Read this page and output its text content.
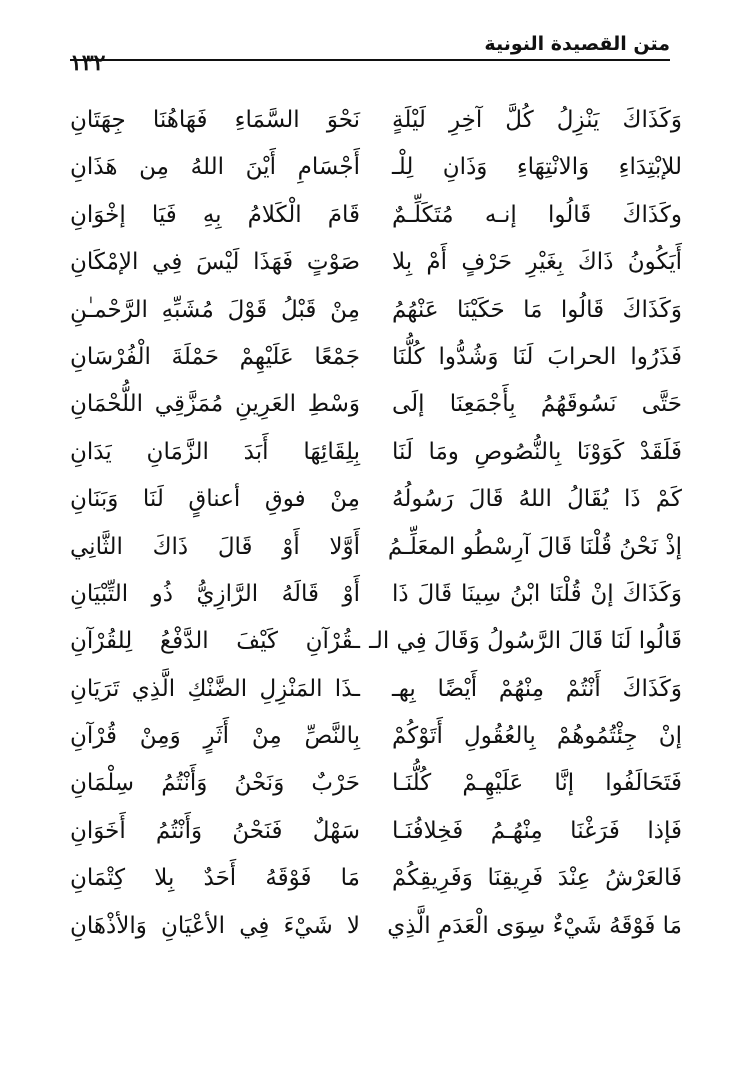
متن القصيدة النونية
١٣٢
وَكَذَاكَ يَنْزِلُ كُلَّ آخِرِ لَيْلَةٍ
نَحْوَ السَّمَاءِ فَهَاهُنَا جِهَتَانِ
للإبْتِدَاءِ وَالانْتِهَاءِ وَذَانِ لِلْـ
أَجْسَامِ أَيْنَ اللهُ مِن هَذَانِ
وكَذَاكَ قَالُوا إنـه مُتَكَلِّـمٌ
قَامَ الْكَلامُ بِهِ فَيَا إخْوَانِ
أَيَكُونُ ذَاكَ بِغَيْرِ حَرْفٍ أَمْ بِلا
صَوْتٍ فَهَذَا لَيْسَ فِي الإمْكَانِ
وَكَذَاكَ قَالُوا مَا حَكَيْنَا عَنْهُمُ
مِنْ قَبْلُ قَوْلَ مُشَبِّهِ الرَّحْمـٰنِ
فَذَرُوا الحرابَ لَنَا وَشُدُّوا كُلُّنَا
جَمْعًا عَلَيْهِمْ حَمْلَةَ الْفُرْسَانِ
حَتَّى نَسُوقَهُمُ بِأَجْمَعِنَا إلَى
وَسْطِ العَرِينِ مُمَزَّقِي اللُّحْمَانِ
فَلَقَدْ كَوَوْنَا بِالنُّصُوصِ ومَا لَنَا
بِلِقَائِهَا أَبَدَ الزَّمَانِ يَدَانِ
كَمْ ذَا يُقَالُ اللهُ قَالَ رَسُولُهُ
مِنْ فوقِ أعناقٍ لَنَا وَبَنَانِ
إذْ نَحْنُ قُلْنَا قَالَ آرِسْطُو المعَلِّـمُ
أَوَّلا أَوْ قَالَ ذَاكَ الثَّانِي
وَكَذَاكَ إنْ قُلْنَا ابْنُ سِينَا قَالَ ذَا
أَوْ قَالَهُ الرَّازِيُّ ذُو التِّبْيَانِ
قَالُوا لَنَا قَالَ الرَّسُولُ وَقَالَ فِي الـ
ـقُرْآنِ كَيْفَ الدَّفْعُ لِلقُرْآنِ
وَكَذَاكَ أَنْتُمْ مِنْهُمْ أَيْضًا بِهـ
ـذَا المَنْزِلِ الضَّنْكِ الَّذِي تَرَيَانِ
إنْ جِئْتُمُوهُمْ بِالعُقُولِ أَتَوْكُمْ
بِالنَّصِّ مِنْ أَثَرٍ وَمِنْ قُرْآنِ
فَتَحَالَفُوا إنَّا عَلَيْهِـمْ كُلُّنَـا
حَرْبٌ وَنَحْنُ وَأَنْتُمُ سِلْمَانِ
فَإذا فَرَغْنَا مِنْهُـمُ فَخِلافُنَـا
سَهْلٌ فَنَحْنُ وَأَنْتُمُ أَخَوَانِ
فَالعَرْشُ عِنْدَ فَرِيقِنَا وَفَرِيقِكُمْ
مَا فَوْقَهُ أَحَدٌ بِلا كِتْمَانِ
مَا فَوْقَهُ شَيْءٌ سِوَى الْعَدَمِ الَّذِي
لا شَيْءَ فِي الأعْيَانِ وَالأذْهَانِ
